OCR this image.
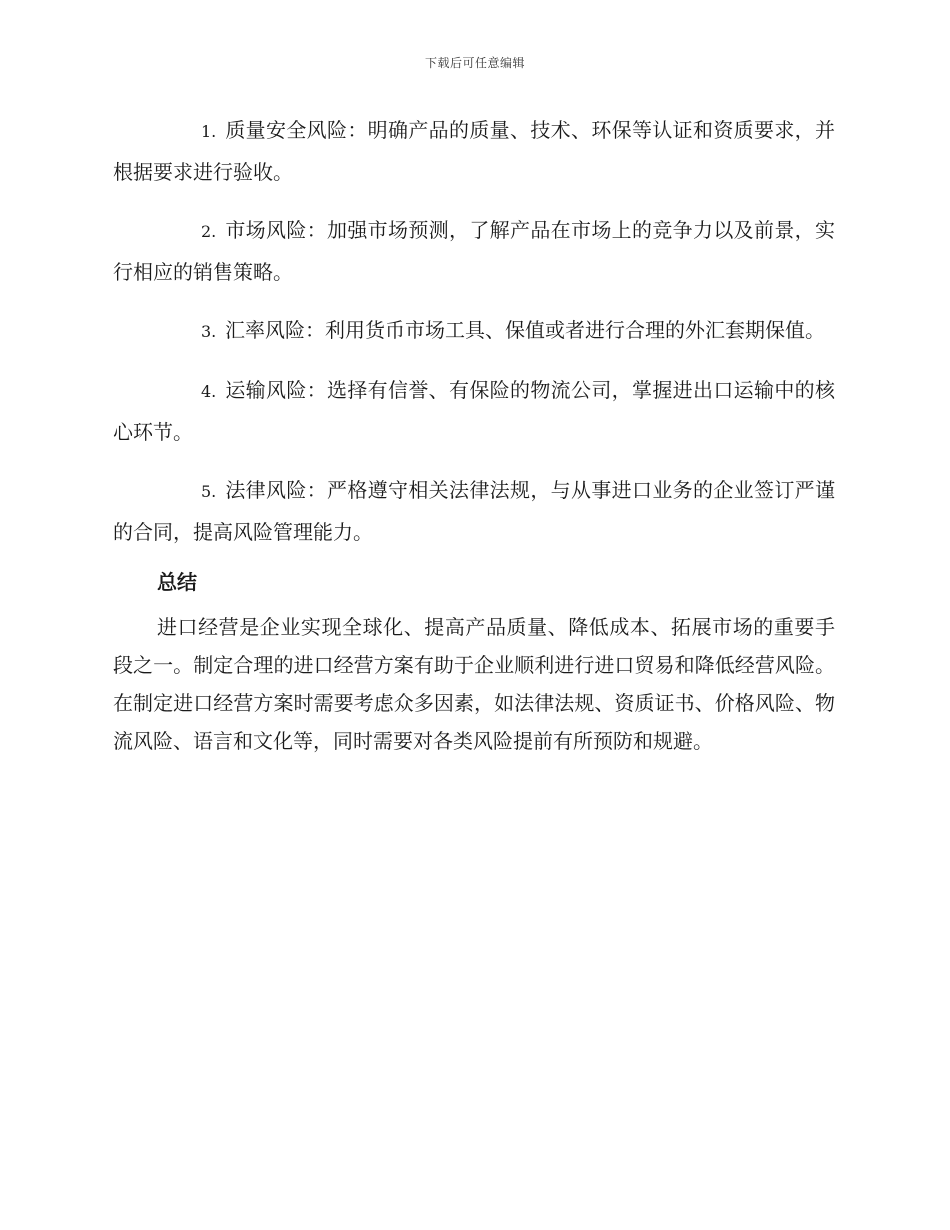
下载后可任意编辑
1. 质量安全风险：明确产品的质量、技术、环保等认证和资质要求，并根据要求进行验收。
2. 市场风险：加强市场预测，了解产品在市场上的竞争力以及前景，实行相应的销售策略。
3. 汇率风险：利用货币市场工具、保值或者进行合理的外汇套期保值。
4. 运输风险：选择有信誉、有保险的物流公司，掌握进出口运输中的核心环节。
5. 法律风险：严格遵守相关法律法规，与从事进口业务的企业签订严谨的合同，提高风险管理能力。
总结

进口经营是企业实现全球化、提高产品质量、降低成本、拓展市场的重要手段之一。制定合理的进口经营方案有助于企业顺利进行进口贸易和降低经营风险。在制定进口经营方案时需要考虑众多因素，如法律法规、资质证书、价格风险、物流风险、语言和文化等，同时需要对各类风险提前有所预防和规避。
